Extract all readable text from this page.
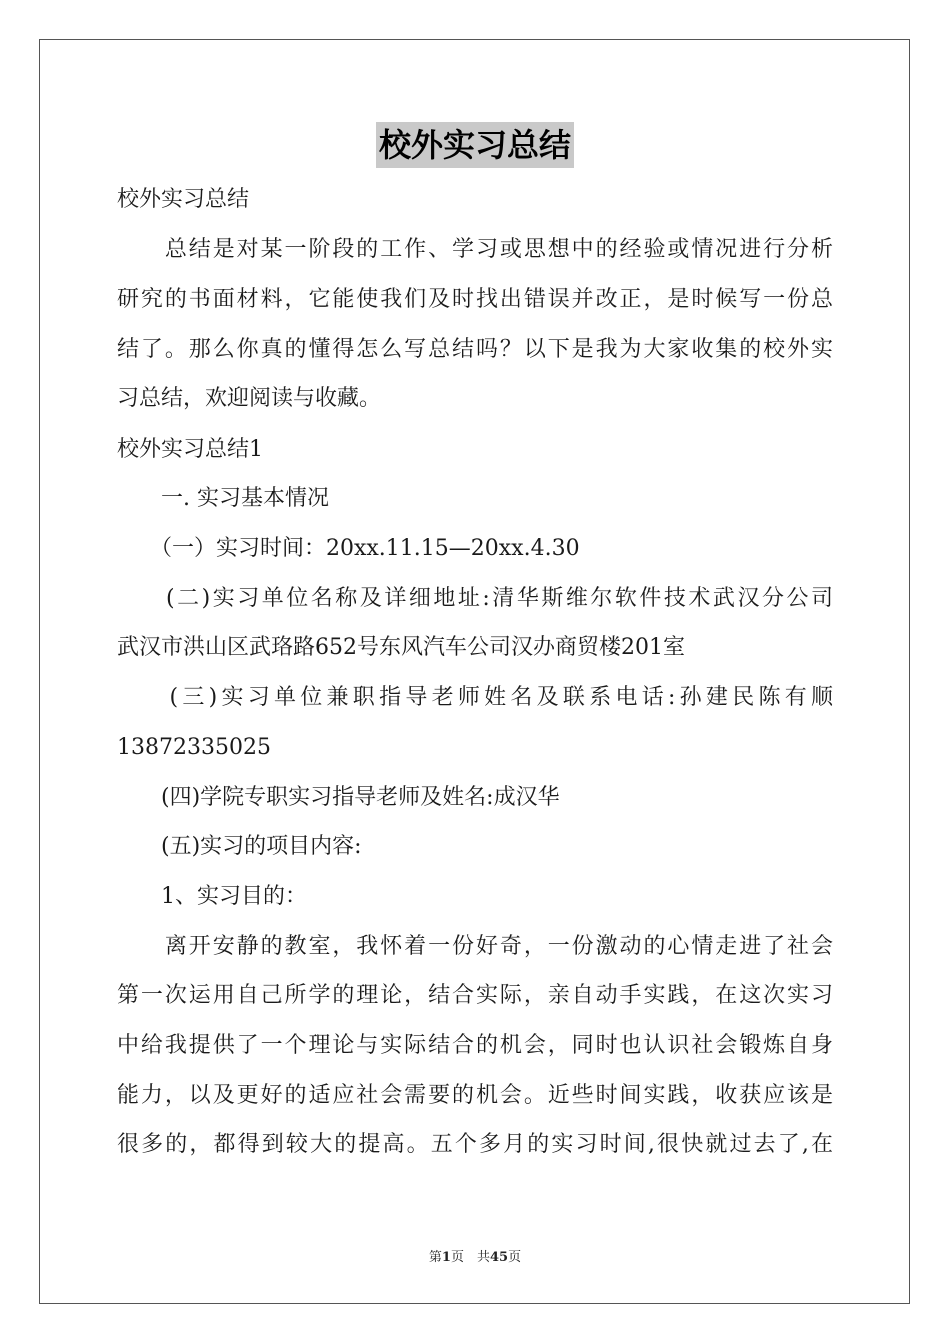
校外实习总结
校外实习总结
　　总结是对某一阶段的工作、学习或思想中的经验或情况进行分析
研究的书面材料，它能使我们及时找出错误并改正，是时候写一份总
结了。那么你真的懂得怎么写总结吗？以下是我为大家收集的校外实
习总结，欢迎阅读与收藏。
校外实习总结1
　　一. 实习基本情况
　　（一）实习时间：20xx.11.15—20xx.4.30
　　(二)实习单位名称及详细地址:清华斯维尔软件技术武汉分公司
武汉市洪山区武珞路652号东风汽车公司汉办商贸楼201室
　　(三)实习单位兼职指导老师姓名及联系电话:孙建民陈有顺
13872335025
　　(四)学院专职实习指导老师及姓名:成汉华
　　(五)实习的项目内容:
　　1、实习目的：
　　离开安静的教室，我怀着一份好奇，一份激动的心情走进了社会
第一次运用自己所学的理论，结合实际，亲自动手实践，在这次实习
中给我提供了一个理论与实际结合的机会，同时也认识社会锻炼自身
能力，以及更好的适应社会需要的机会。近些时间实践，收获应该是
很多的，都得到较大的提高。五个多月的实习时间,很快就过去了,在
第1页　共45页
